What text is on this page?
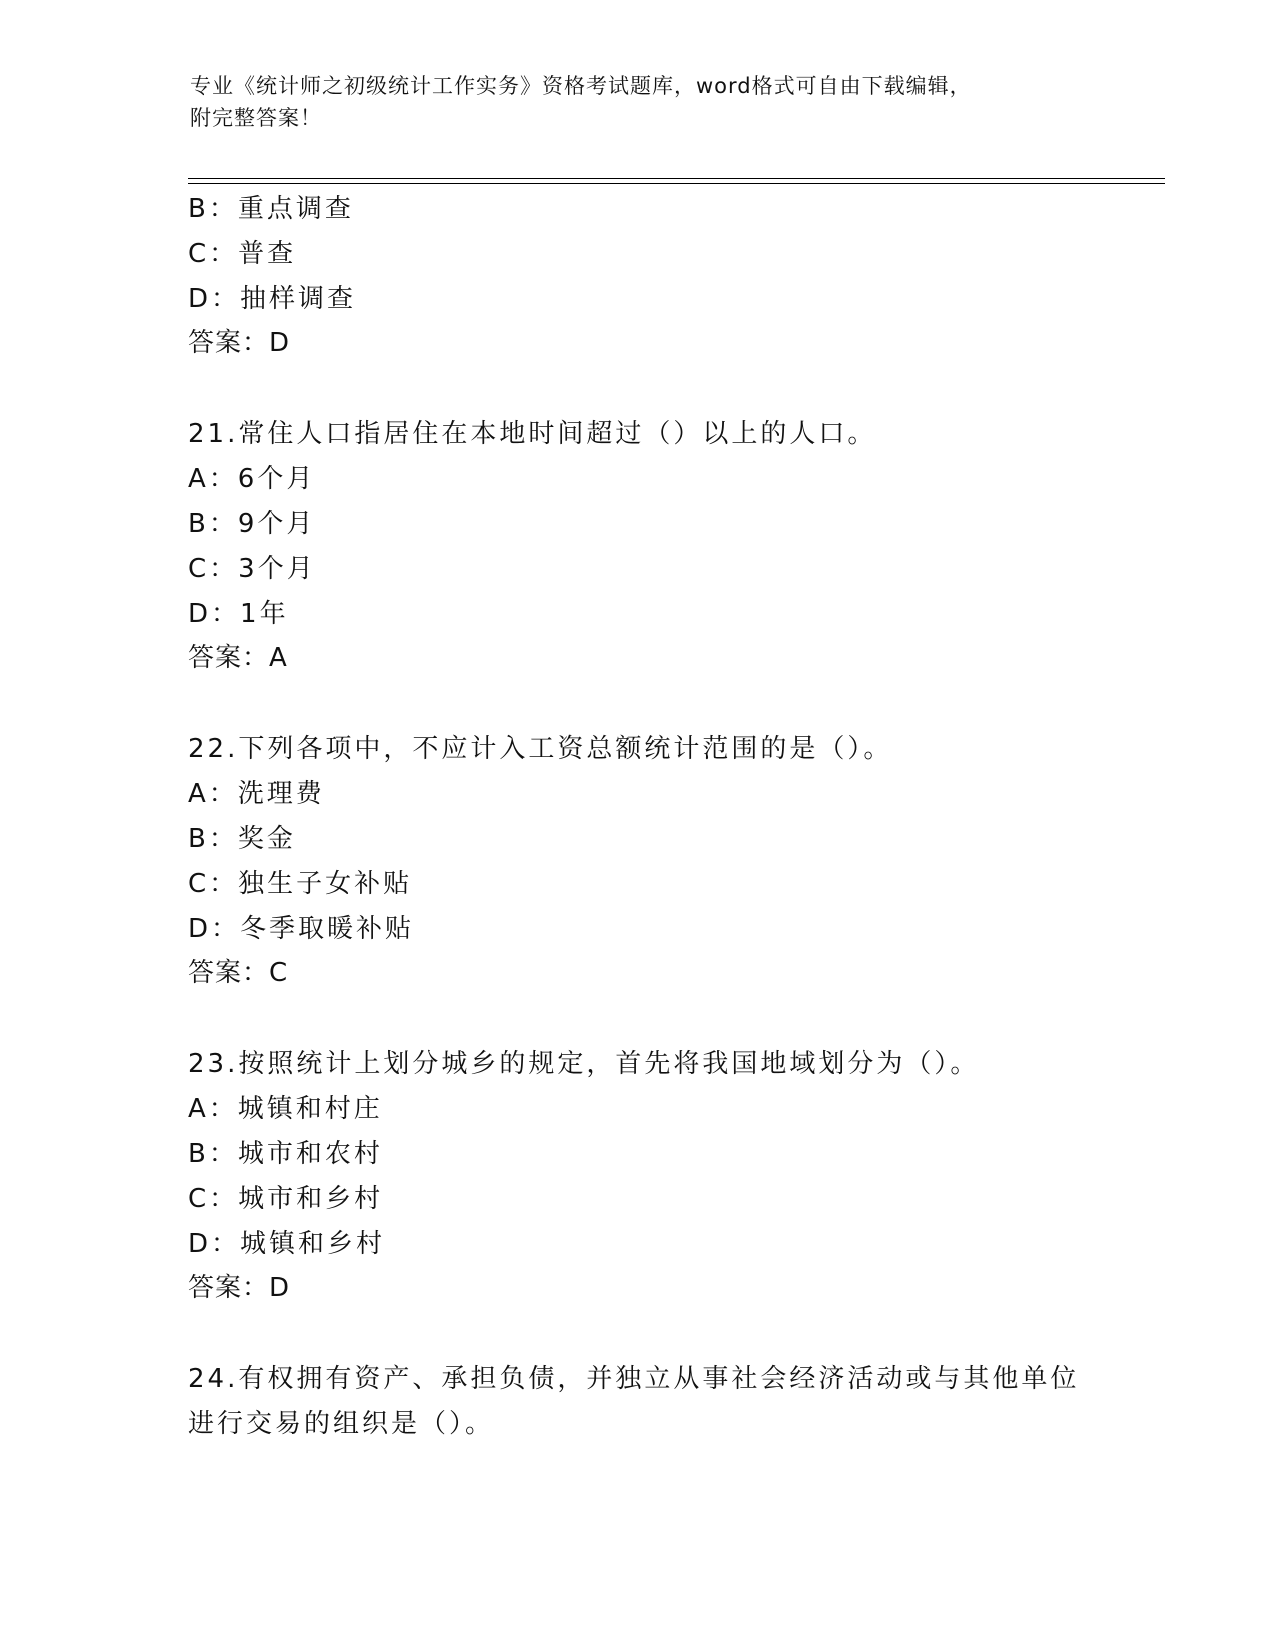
专业《统计师之初级统计工作实务》资格考试题库，word格式可自由下载编辑，
附完整答案！
B：重点调查
C：普查
D：抽样调查
答案：D
21.常住人口指居住在本地时间超过（）以上的人口。
A：6个月
B：9个月
C：3个月
D：1年
答案：A
22.下列各项中，不应计入工资总额统计范围的是（）。
A：洗理费
B：奖金
C：独生子女补贴
D：冬季取暖补贴
答案：C
23.按照统计上划分城乡的规定，首先将我国地域划分为（）。
A：城镇和村庄
B：城市和农村
C：城市和乡村
D：城镇和乡村
答案：D
24.有权拥有资产、承担负债，并独立从事社会经济活动或与其他单位
进行交易的组织是（）。
